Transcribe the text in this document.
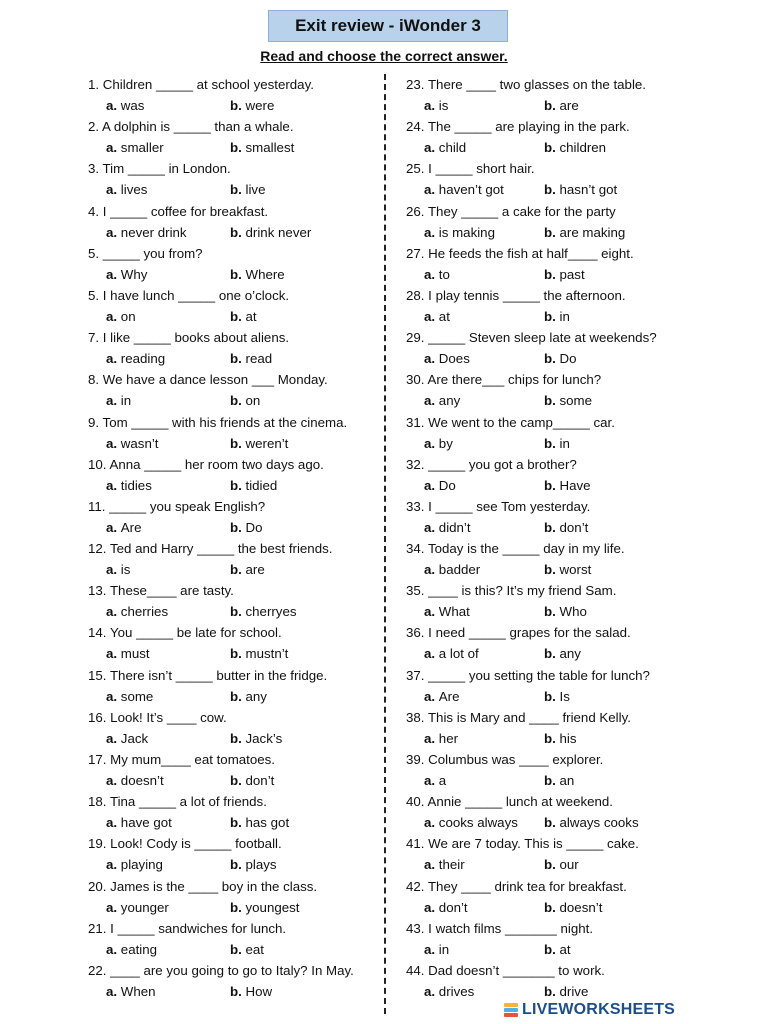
Exit review - iWonder 3
Read and choose the correct answer.
1. Children _____ at school yesterday.
a. was	b. were
2. A dolphin is _____ than a whale.
a. smaller	b. smallest
3. Tim _____ in London.
a. lives	b. live
4. I _____ coffee for breakfast.
a. never drink	b. drink never
5. _____ you from?
a. Why	b. Where
5. I have lunch _____ one o’clock.
a. on	b. at
7. I like _____ books about aliens.
a. reading	b. read
8. We have a dance lesson ___ Monday.
a. in	b. on
9. Tom _____ with his friends at the cinema.
a. wasn’t	b. weren’t
10. Anna _____ her room two days ago.
a. tidies	b. tidied
11. _____ you speak English?
a. Are	b. Do
12. Ted and Harry _____ the best friends.
a. is	b. are
13. These____ are tasty.
a. cherries	b. cherryes
14. You _____ be late for school.
a. must	b. mustn’t
15. There isn’t _____ butter in the fridge.
a. some	b. any
16. Look! It’s ____ cow.
a. Jack	b. Jack’s
17. My mum____ eat tomatoes.
a. doesn’t	b. don’t
18. Tina _____ a lot of friends.
a. have got	b. has got
19. Look! Cody is _____ football.
a. playing	b. plays
20. James is the ____ boy in the class.
a. younger	b. youngest
21. I _____ sandwiches for lunch.
a. eating	b. eat
22. ____ are you going to go to Italy? In May.
a. When	b. How
23. There ____ two glasses on the table.
a. is	b. are
24. The _____ are playing in the park.
a. child	b. children
25. I _____ short hair.
a. haven’t got	b. hasn’t got
26. They _____ a cake for the party
a. is making	b. are making
27. He feeds the fish at half____ eight.
a. to	b. past
28. I play tennis _____ the afternoon.
a. at	b. in
29. _____ Steven sleep late at weekends?
a. Does	b. Do
30. Are there___ chips for lunch?
a. any	b. some
31. We went to the camp_____ car.
a. by	b. in
32. _____ you got a brother?
a. Do	b. Have
33. I _____ see Tom yesterday.
a. didn’t	b. don’t
34. Today is the _____ day in my life.
a. badder	b. worst
35. ____ is this? It’s my friend Sam.
a. What	b. Who
36. I need _____ grapes for the salad.
a. a lot of	b. any
37. _____ you setting the table for lunch?
a. Are	b. Is
38. This is Mary and ____ friend Kelly.
a. her	b. his
39. Columbus was ____ explorer.
a. a	b. an
40. Annie _____ lunch at weekend.
a. cooks always b. always cooks
41. We are 7 today. This is _____ cake.
a. their	b. our
42. They ____ drink tea for breakfast.
a. don’t	b. doesn’t
43. I watch films _______ night.
a. in	b. at
44. Dad doesn’t _______ to work.
a. drives	b. drive
LIVEWORKSHEETS
